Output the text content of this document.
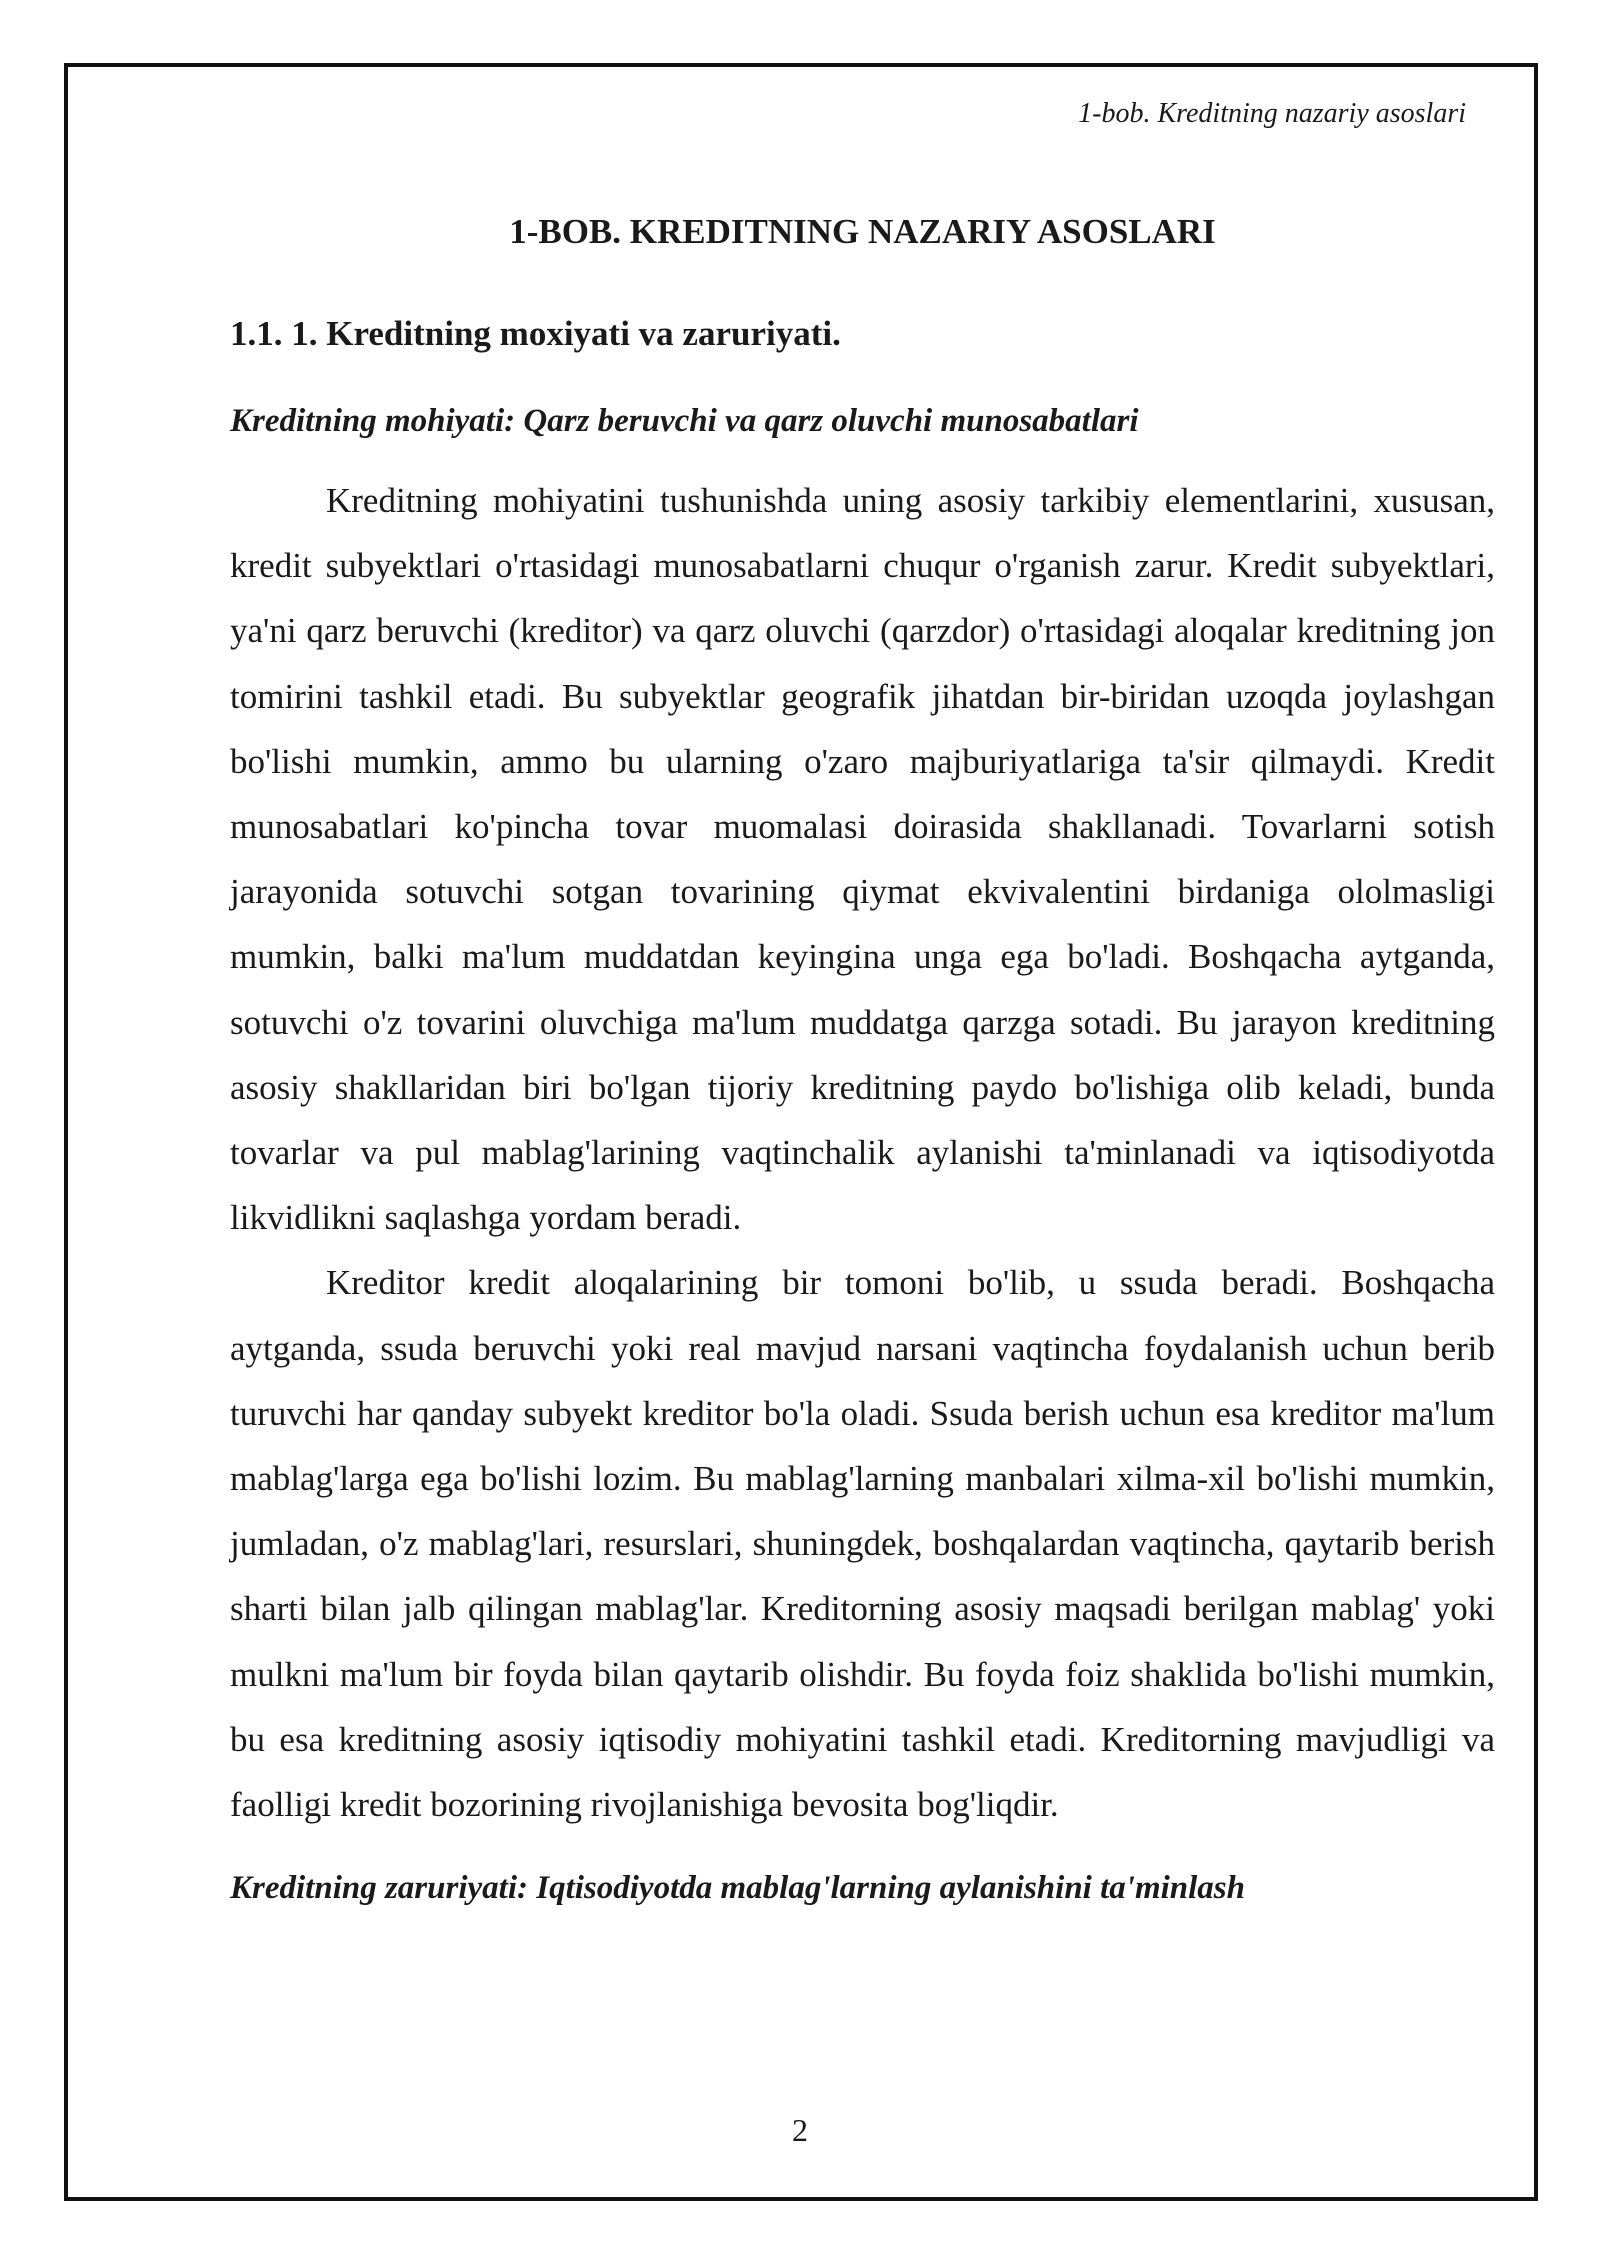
1-bob. Kreditning nazariy asoslari
1-BOB. KREDITNING NAZARIY ASOSLARI
1.1. 1. Kreditning moxiyati va zaruriyati.
Kreditning mohiyati: Qarz beruvchi va qarz oluvchi munosabatlari

Kreditning mohiyatini tushunishda uning asosiy tarkibiy elementlarini, xususan, kredit subyektlari o'rtasidagi munosabatlarni chuqur o'rganish zarur. Kredit subyektlari, ya'ni qarz beruvchi (kreditor) va qarz oluvchi (qarzdor) o'rtasidagi aloqalar kreditning jon tomirini tashkil etadi. Bu subyektlar geografik jihatdan bir-biridan uzoqda joylashgan bo'lishi mumkin, ammo bu ularning o'zaro majburiyatlariga ta'sir qilmaydi. Kredit munosabatlari ko'pincha tovar muomalasi doirasida shakllanadi. Tovarlarni sotish jarayonida sotuvchi sotgan tovarining qiymat ekvivalentini birdaniga ololmasligi mumkin, balki ma'lum muddatdan keyingina unga ega bo'ladi. Boshqacha aytganda, sotuvchi o'z tovarini oluvchiga ma'lum muddatga qarzga sotadi. Bu jarayon kreditning asosiy shakllaridan biri bo'lgan tijoriy kreditning paydo bo'lishiga olib keladi, bunda tovarlar va pul mablag'larining vaqtinchalik aylanishi ta'minlanadi va iqtisodiyotda likvidlikni saqlashga yordam beradi.

Kreditor kredit aloqalarining bir tomoni bo'lib, u ssuda beradi. Boshqacha aytganda, ssuda beruvchi yoki real mavjud narsani vaqtincha foydalanish uchun berib turuvchi har qanday subyekt kreditor bo'la oladi. Ssuda berish uchun esa kreditor ma'lum mablag'larga ega bo'lishi lozim. Bu mablag'larning manbalari xilma-xil bo'lishi mumkin, jumladan, o'z mablag'lari, resurslari, shuningdek, boshqalardan vaqtincha, qaytarib berish sharti bilan jalb qilingan mablag'lar. Kreditorning asosiy maqsadi berilgan mablag' yoki mulkni ma'lum bir foyda bilan qaytarib olishdir. Bu foyda foiz shaklida bo'lishi mumkin, bu esa kreditning asosiy iqtisodiy mohiyatini tashkil etadi. Kreditorning mavjudligi va faolligi kredit bozorining rivojlanishiga bevosita bog'liqdir.

Kreditning zaruriyati: Iqtisodiyotda mablag'larning aylanishini ta'minlash
2
